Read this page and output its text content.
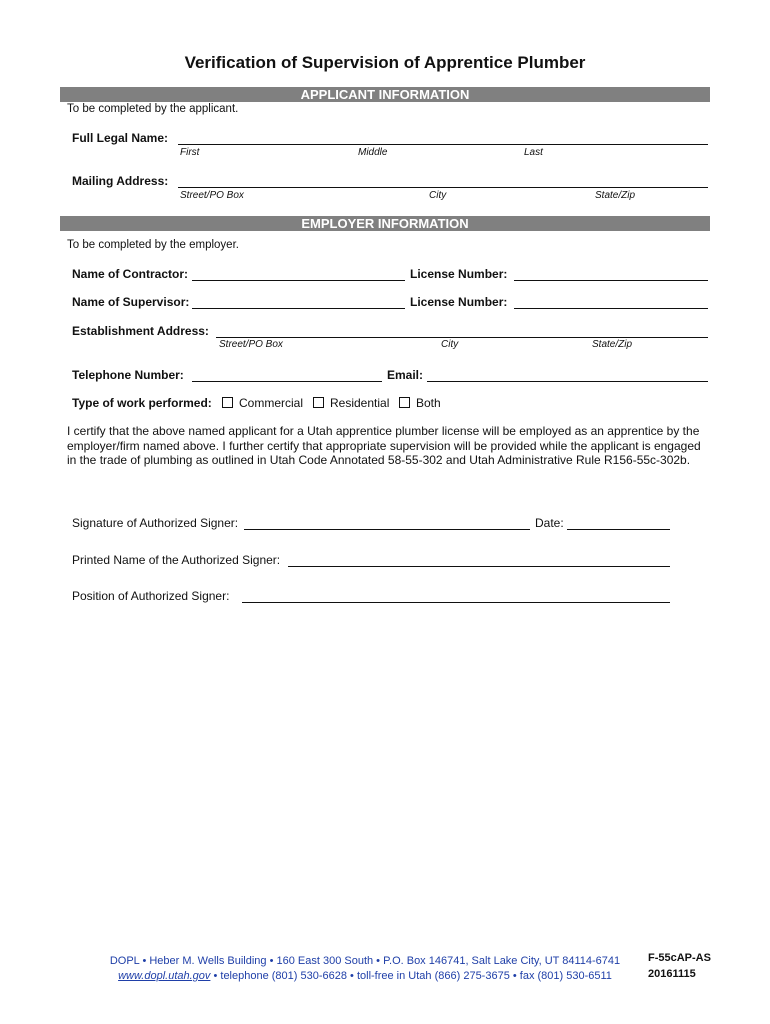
Verification of Supervision of Apprentice Plumber
APPLICANT INFORMATION
To be completed by the applicant.
Full Legal Name:
First	Middle	Last
Mailing Address:
Street/PO Box	City	State/Zip
EMPLOYER INFORMATION
To be completed by the employer.
Name of Contractor:	License Number:
Name of Supervisor:	License Number:
Establishment Address:
Street/PO Box	City	State/Zip
Telephone Number:	Email:
Type of work performed: Commercial Residential Both
I certify that the above named applicant for a Utah apprentice plumber license will be employed as an apprentice by the employer/firm named above. I further certify that appropriate supervision will be provided while the applicant is engaged in the trade of plumbing as outlined in Utah Code Annotated 58-55-302 and Utah Administrative Rule R156-55c-302b.
Signature of Authorized Signer:	Date:
Printed Name of the Authorized Signer:
Position of Authorized Signer:
DOPL • Heber M. Wells Building • 160 East 300 South • P.O. Box 146741, Salt Lake City, UT 84114-6741
www.dopl.utah.gov • telephone (801) 530-6628 • toll-free in Utah (866) 275-3675 • fax (801) 530-6511
F-55cAP-AS
20161115
